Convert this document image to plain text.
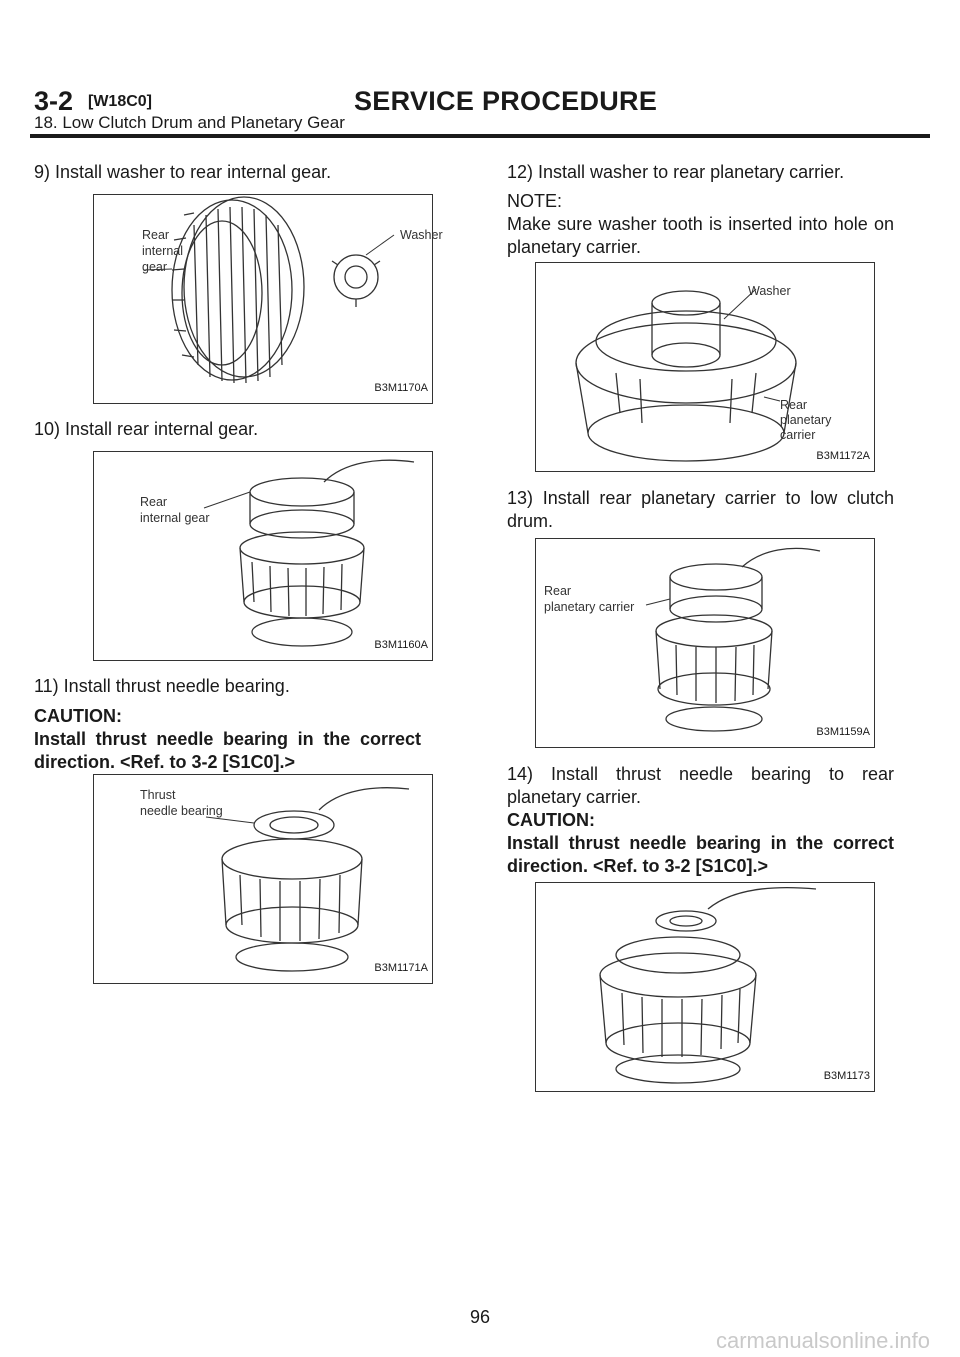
3-2 [W18C0]	SERVICE PROCEDURE
18. Low Clutch Drum and Planetary Gear

9) Install washer to rear internal gear.

Rear
internal
gear
Washer
B3M1170A

10) Install rear internal gear.

Rear
internal gear
B3M1160A

11) Install thrust needle bearing.

CAUTION:

Install thrust needle bearing in the correct direction. <Ref. to 3-2 [S1C0].>

Thrust
needle bearing
B3M1171A

12) Install washer to rear planetary carrier.

NOTE:

Make sure washer tooth is inserted into hole on planetary carrier.

Washer
Rear
planetary
carrier
B3M1172A

13) Install rear planetary carrier to low clutch drum.

Rear
planetary carrier
B3M1159A

14) Install thrust needle bearing to rear planetary carrier.

CAUTION:

Install thrust needle bearing in the correct direction. <Ref. to 3-2 [S1C0].>

B3M1173
96
carmanualsonline.info
